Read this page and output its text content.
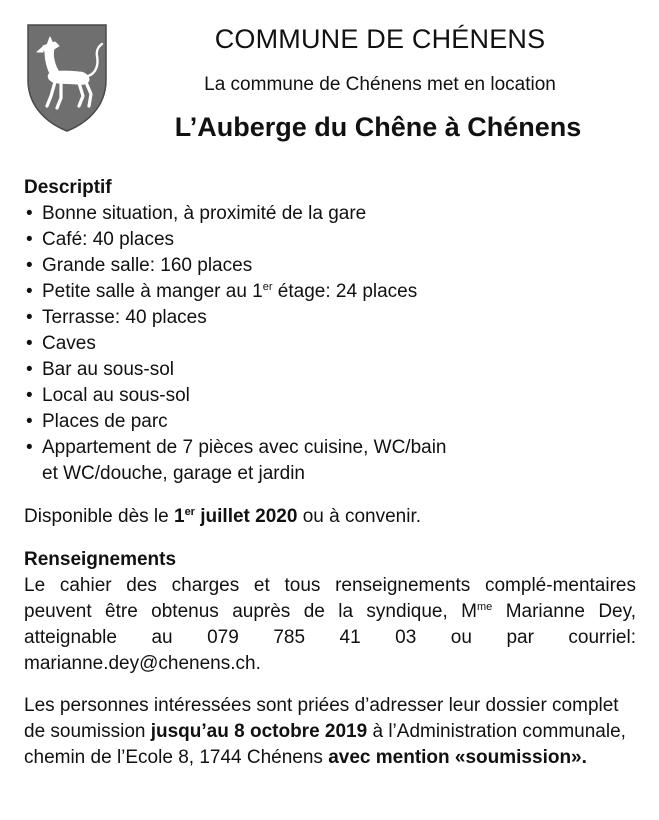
COMMUNE DE CHÉNENS
La commune de Chénens met en location
L’Auberge du Chêne à Chénens
Descriptif
• Bonne situation, à proximité de la gare
• Café: 40 places
• Grande salle: 160 places
• Petite salle à manger au 1er étage: 24 places
• Terrasse: 40 places
• Caves
• Bar au sous-sol
• Local au sous-sol
• Places de parc
• Appartement de 7 pièces avec cuisine, WC/bain
et WC/douche, garage et jardin
Disponible dès le 1er juillet 2020 ou à convenir.
Renseignements
Le cahier des charges et tous renseignements complé-mentaires peuvent être obtenus auprès de la syndique, $M^{me}$ Marianne Dey, atteignable au 079 785 41 03 ou par courriel: marianne.dey@chenens.ch.
Les personnes intéressées sont priées d’adresser leur dossier complet de soumission jusqu’au 8 octobre 2019 à l’Administration communale, chemin de l’Ecole 8, 1744 Chénens avec mention «soumission».
